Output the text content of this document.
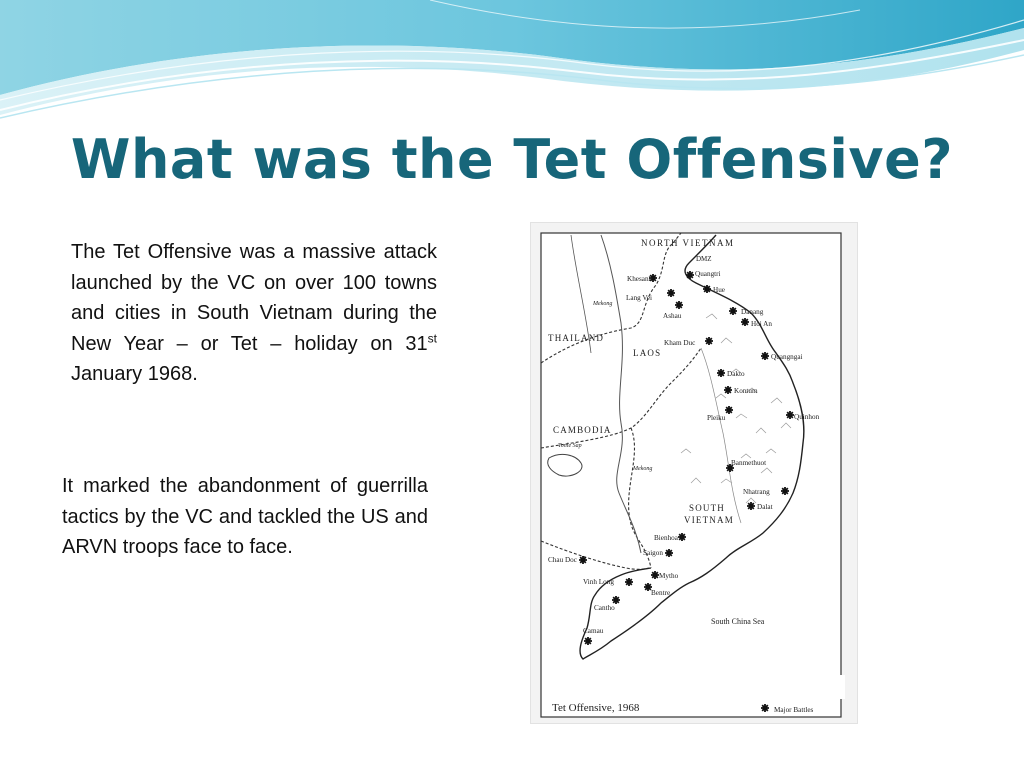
What was the Tet Offensive?

The Tet Offensive was a massive attack launched by the VC on over 100 towns and cities in South Vietnam during the New Year – or Tet – holiday on 31st January 1968.

It marked the abandonment of guerrilla tactics by the VC and tackled the US and ARVN troops face to face.

NORTH VIETNAM
DMZ
THAILAND
LAOS
CAMBODIA
SOUTH
VIETNAM
South China Sea
Mekong
Mekong
Tonle Sap
Khesanh
Quangtri
Hue
Lang Vei
Ashau	Danang
Hoi An
Kham Duc
Quangngai
Dakto
Kontum
Pleiku	Quinhon
Banmethuot
Nhatrang
Dalat
Bienhoa
Saigon
Mytho
Chau Doc
Vinh Long
Bentre
Cantho
Camau
Tet Offensive, 1968	Major Battles
